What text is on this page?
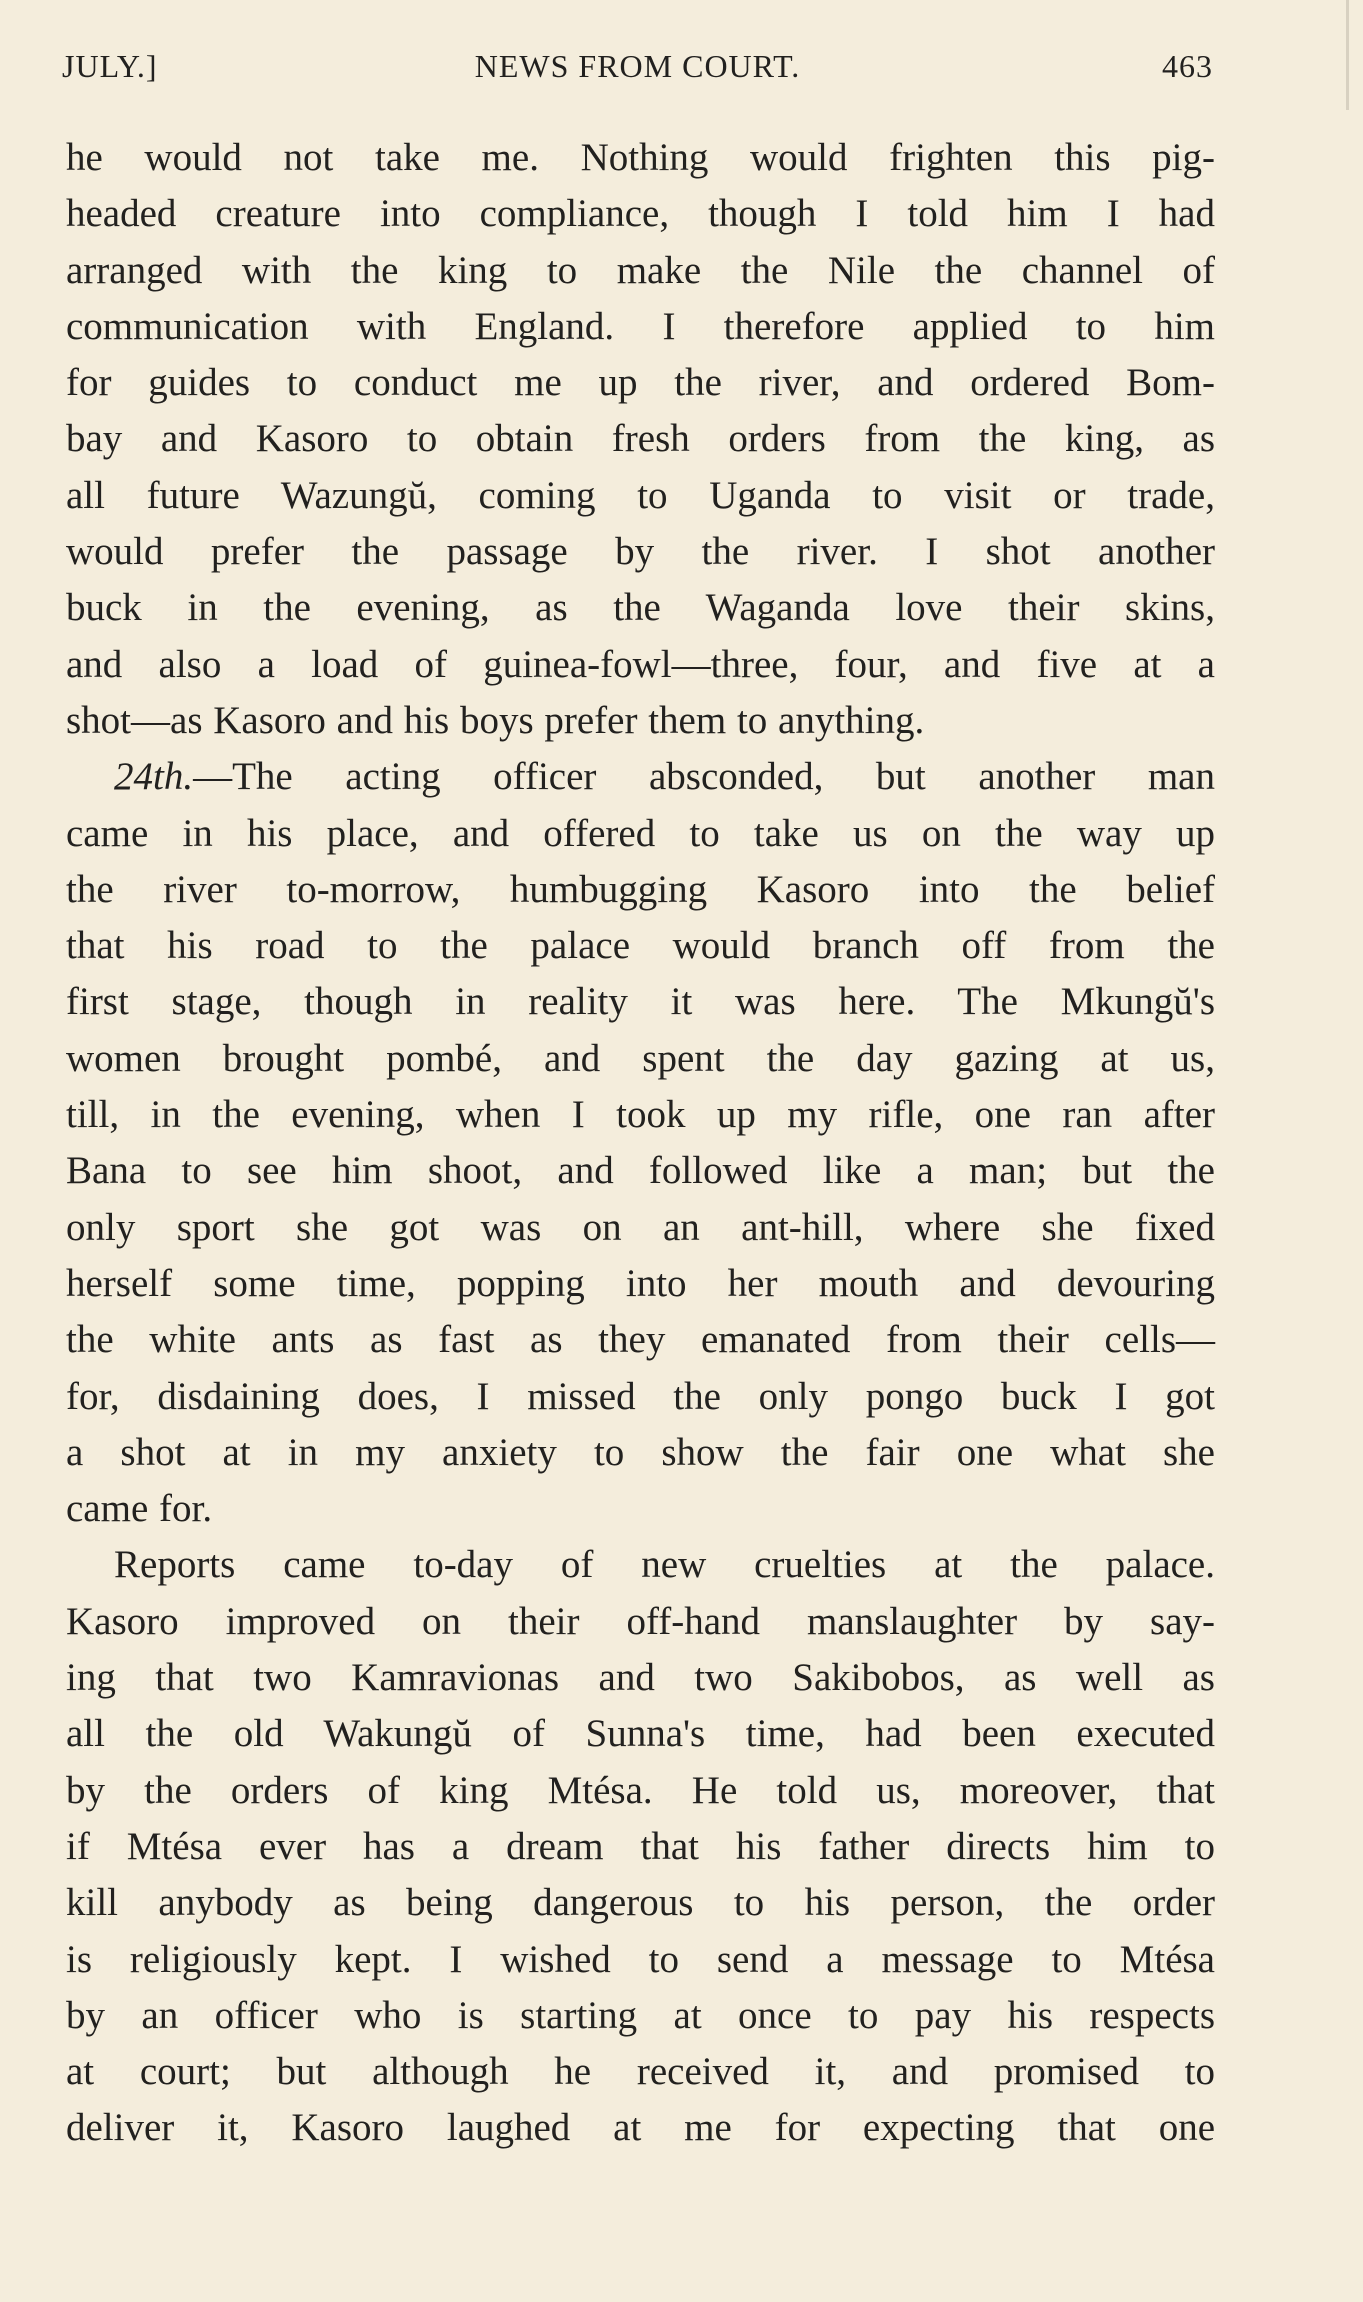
JULY.]	NEWS FROM COURT.	463
he would not take me. Nothing would frighten this pig-
headed creature into compliance, though I told him I had
arranged with the king to make the Nile the channel of
communication with England. I therefore applied to him
for guides to conduct me up the river, and ordered Bom-
bay and Kasoro to obtain fresh orders from the king, as
all future Wazungŭ, coming to Uganda to visit or trade,
would prefer the passage by the river. I shot another
buck in the evening, as the Waganda love their skins,
and also a load of guinea-fowl—three, four, and five at a
shot—as Kasoro and his boys prefer them to anything.
24th.—The acting officer absconded, but another man
came in his place, and offered to take us on the way up
the river to-morrow, humbugging Kasoro into the belief
that his road to the palace would branch off from the
first stage, though in reality it was here. The Mkungŭ's
women brought pombé, and spent the day gazing at us,
till, in the evening, when I took up my rifle, one ran after
Bana to see him shoot, and followed like a man; but the
only sport she got was on an ant-hill, where she fixed
herself some time, popping into her mouth and devouring
the white ants as fast as they emanated from their cells—
for, disdaining does, I missed the only pongo buck I got
a shot at in my anxiety to show the fair one what she
came for.
Reports came to-day of new cruelties at the palace.
Kasoro improved on their off-hand manslaughter by say-
ing that two Kamravionas and two Sakibobos, as well as
all the old Wakungŭ of Sunna's time, had been executed
by the orders of king Mtésa. He told us, moreover, that
if Mtésa ever has a dream that his father directs him to
kill anybody as being dangerous to his person, the order
is religiously kept. I wished to send a message to Mtésa
by an officer who is starting at once to pay his respects
at court; but although he received it, and promised to
deliver it, Kasoro laughed at me for expecting that one
